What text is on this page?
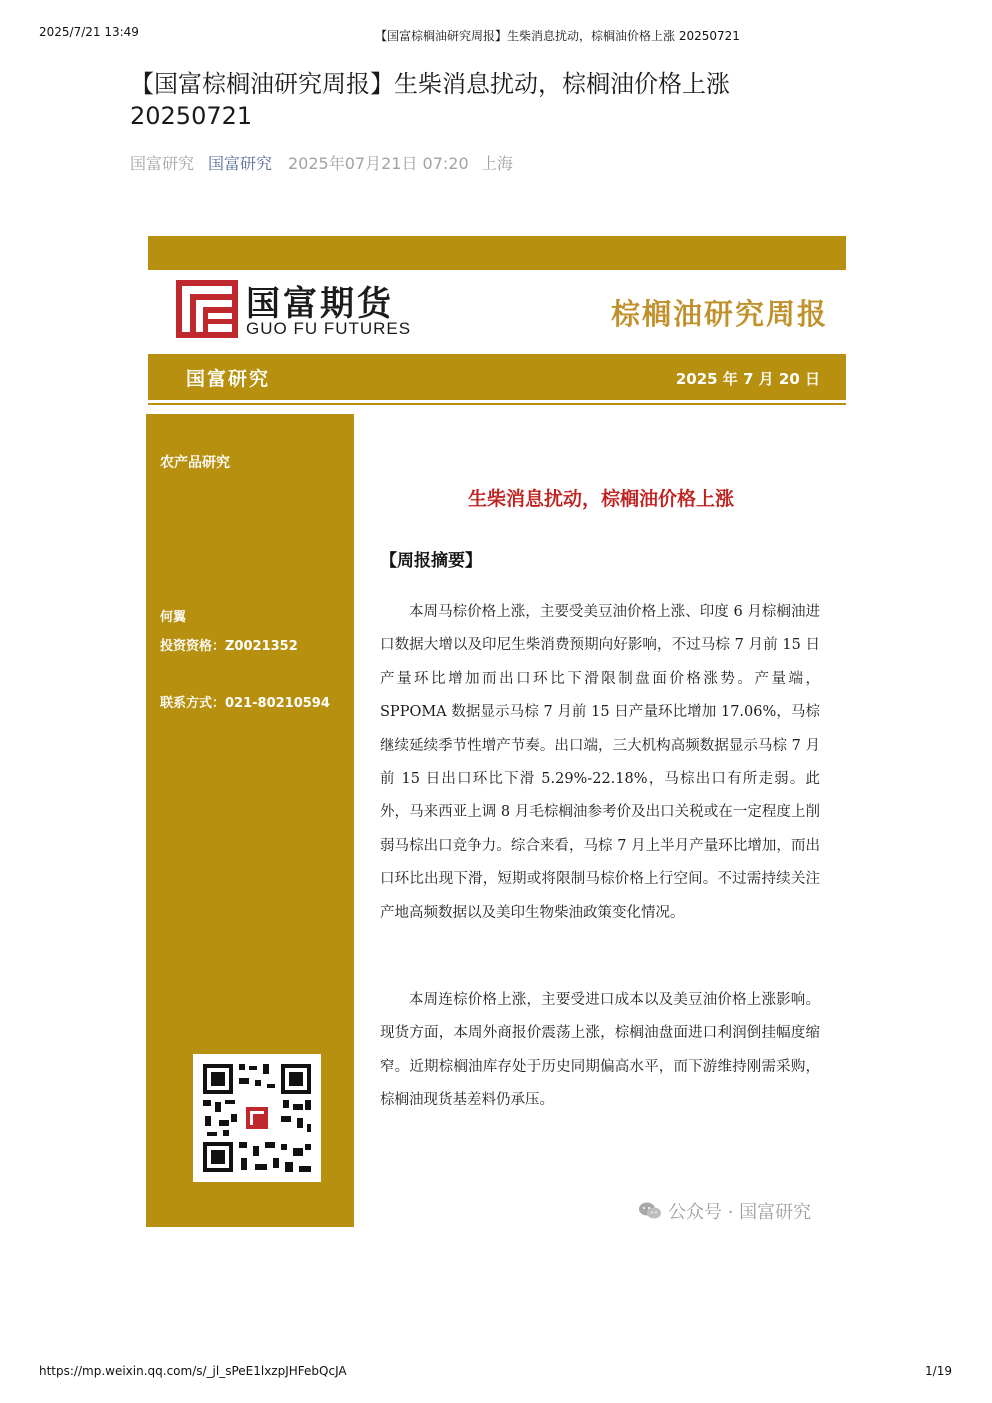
2025/7/21 13:49	【国富棕榈油研究周报】生柴消息扰动，棕榈油价格上涨 20250721
【国富棕榈油研究周报】生柴消息扰动，棕榈油价格上涨 20250721
国富研究 国富研究 2025年07月21日 07:20 上海
国富期货
GUO FU FUTURES	棕榈油研究周报
国富研究	2025 年 7 月 20 日
农产品研究
何翼
投资资格：Z0021352
联系方式：021-80210594
生柴消息扰动，棕榈油价格上涨
【周报摘要】
本周马棕价格上涨，主要受美豆油价格上涨、印度 6 月棕榈油进口数据大增以及印尼生柴消费预期向好影响，不过马棕 7 月前 15 日产量环比增加而出口环比下滑限制盘面价格涨势。产量端，SPPOMA 数据显示马棕 7 月前 15 日产量环比增加 17.06%，马棕继续延续季节性增产节奏。出口端，三大机构高频数据显示马棕 7 月前 15 日出口环比下滑 5.29%-22.18%，马棕出口有所走弱。此外，马来西亚上调 8 月毛棕榈油参考价及出口关税或在一定程度上削弱马棕出口竞争力。综合来看，马棕 7 月上半月产量环比增加，而出口环比出现下滑，短期或将限制马棕价格上行空间。不过需持续关注产地高频数据以及美印生物柴油政策变化情况。
本周连棕价格上涨，主要受进口成本以及美豆油价格上涨影响。现货方面，本周外商报价震荡上涨，棕榈油盘面进口利润倒挂幅度缩窄。近期棕榈油库存处于历史同期偏高水平，而下游维持刚需采购，棕榈油现货基差料仍承压。
公众号 · 国富研究
https://mp.weixin.qq.com/s/_jl_sPeE1lxzpJHFebQcJA	1/19
